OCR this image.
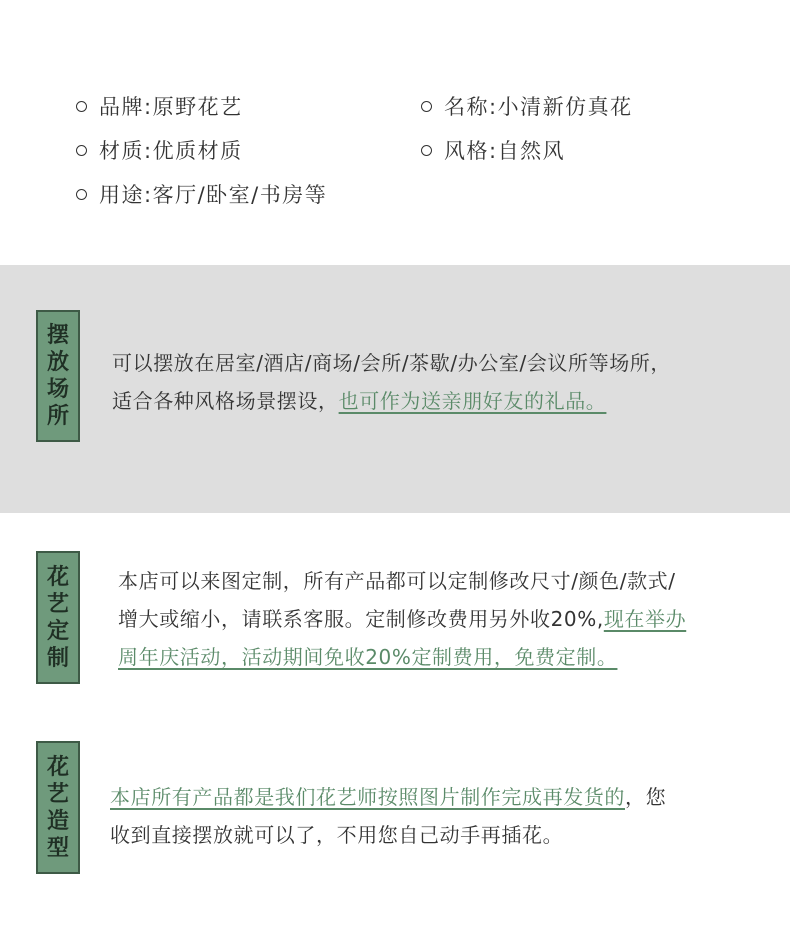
品牌:原野花艺	名称:小清新仿真花
材质:优质材质	风格:自然风
用途:客厅/卧室/书房等
摆
放
场
所
可以摆放在居室/酒店/商场/会所/茶歇/办公室/会议所等场所，
适合各种风格场景摆设，也可作为送亲朋好友的礼品。
花
艺
定
制
本店可以来图定制，所有产品都可以定制修改尺寸/颜色/款式/
增大或缩小，请联系客服。定制修改费用另外收20%,现在举办
周年庆活动，活动期间免收20%定制费用，免费定制。
花
艺
造
型
本店所有产品都是我们花艺师按照图片制作完成再发货的，您
收到直接摆放就可以了，不用您自己动手再插花。
